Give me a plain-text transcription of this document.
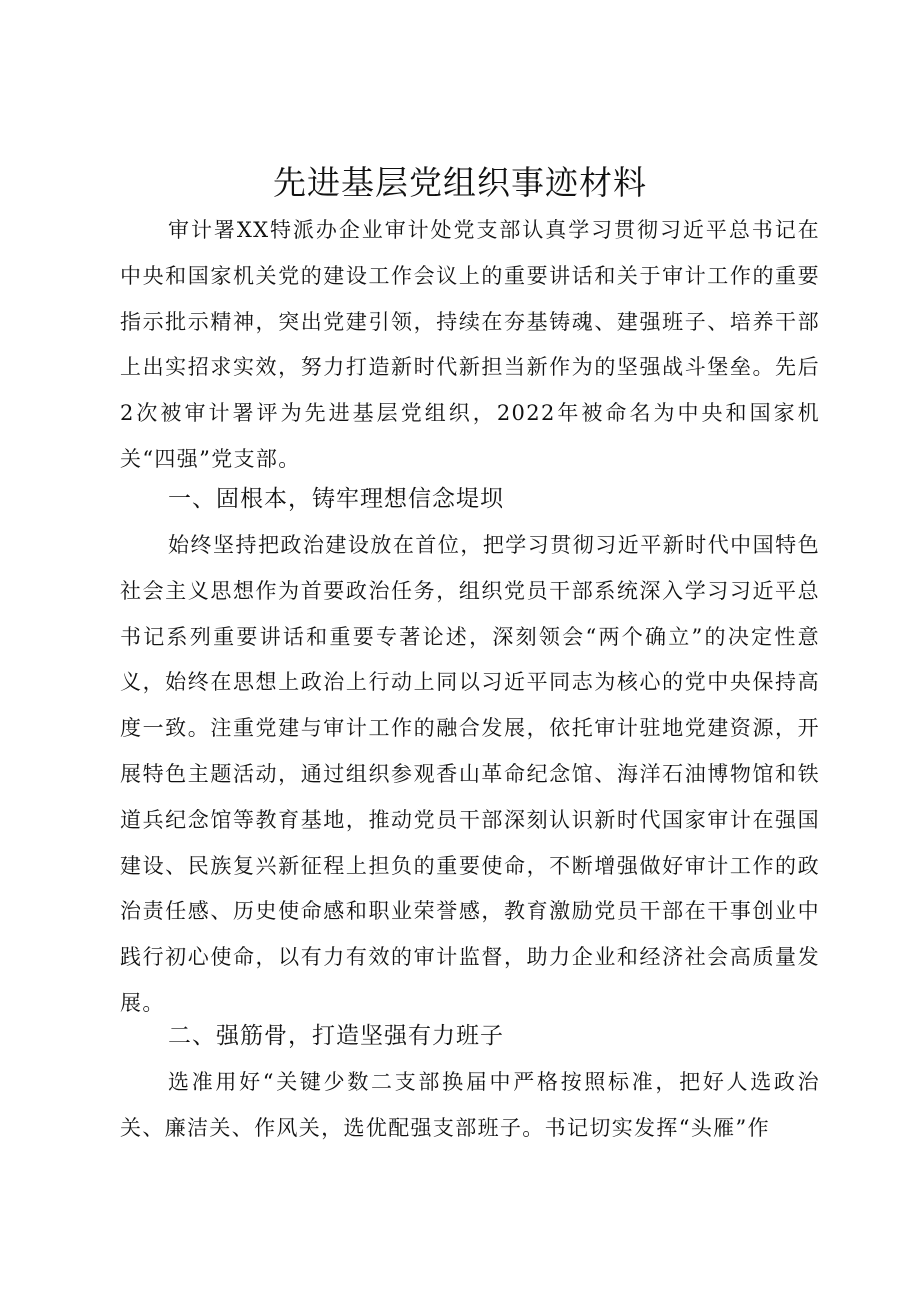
先进基层党组织事迹材料

审计署XX特派办企业审计处党支部认真学习贯彻习近平总书记在中央和国家机关党的建设工作会议上的重要讲话和关于审计工作的重要指示批示精神，突出党建引领，持续在夯基铸魂、建强班子、培养干部上出实招求实效，努力打造新时代新担当新作为的坚强战斗堡垒。先后2次被审计署评为先进基层党组织，2022年被命名为中央和国家机关“四强”党支部。

一、固根本，铸牢理想信念堤坝

始终坚持把政治建设放在首位，把学习贯彻习近平新时代中国特色社会主义思想作为首要政治任务，组织党员干部系统深入学习习近平总书记系列重要讲话和重要专著论述，深刻领会“两个确立”的决定性意义，始终在思想上政治上行动上同以习近平同志为核心的党中央保持高度一致。注重党建与审计工作的融合发展，依托审计驻地党建资源，开展特色主题活动，通过组织参观香山革命纪念馆、海洋石油博物馆和铁道兵纪念馆等教育基地，推动党员干部深刻认识新时代国家审计在强国建设、民族复兴新征程上担负的重要使命，不断增强做好审计工作的政治责任感、历史使命感和职业荣誉感，教育激励党员干部在干事创业中践行初心使命，以有力有效的审计监督，助力企业和经济社会高质量发展。

二、强筋骨，打造坚强有力班子

选准用好“关键少数二支部换届中严格按照标准，把好人选政治关、廉洁关、作风关，选优配强支部班子。书记切实发挥“头雁”作
